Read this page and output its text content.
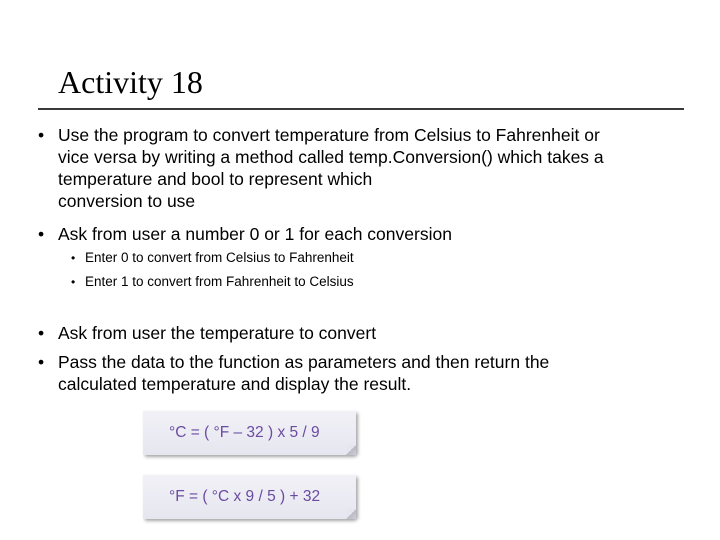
Activity 18
• Use the program to convert temperature from Celsius to Fahrenheit or
vice versa by writing a method called temp.Conversion() which takes a
temperature and bool to represent which
conversion to use
• Ask from user a number 0 or 1 for each conversion
• Enter 0 to convert from Celsius to Fahrenheit
• Enter 1 to convert from Fahrenheit to Celsius
• Ask from user the temperature to convert
• Pass the data to the function as parameters and then return the
calculated temperature and display the result.
°C = ( °F – 32 ) x 5 / 9
°F = ( °C x 9 / 5 ) + 32
